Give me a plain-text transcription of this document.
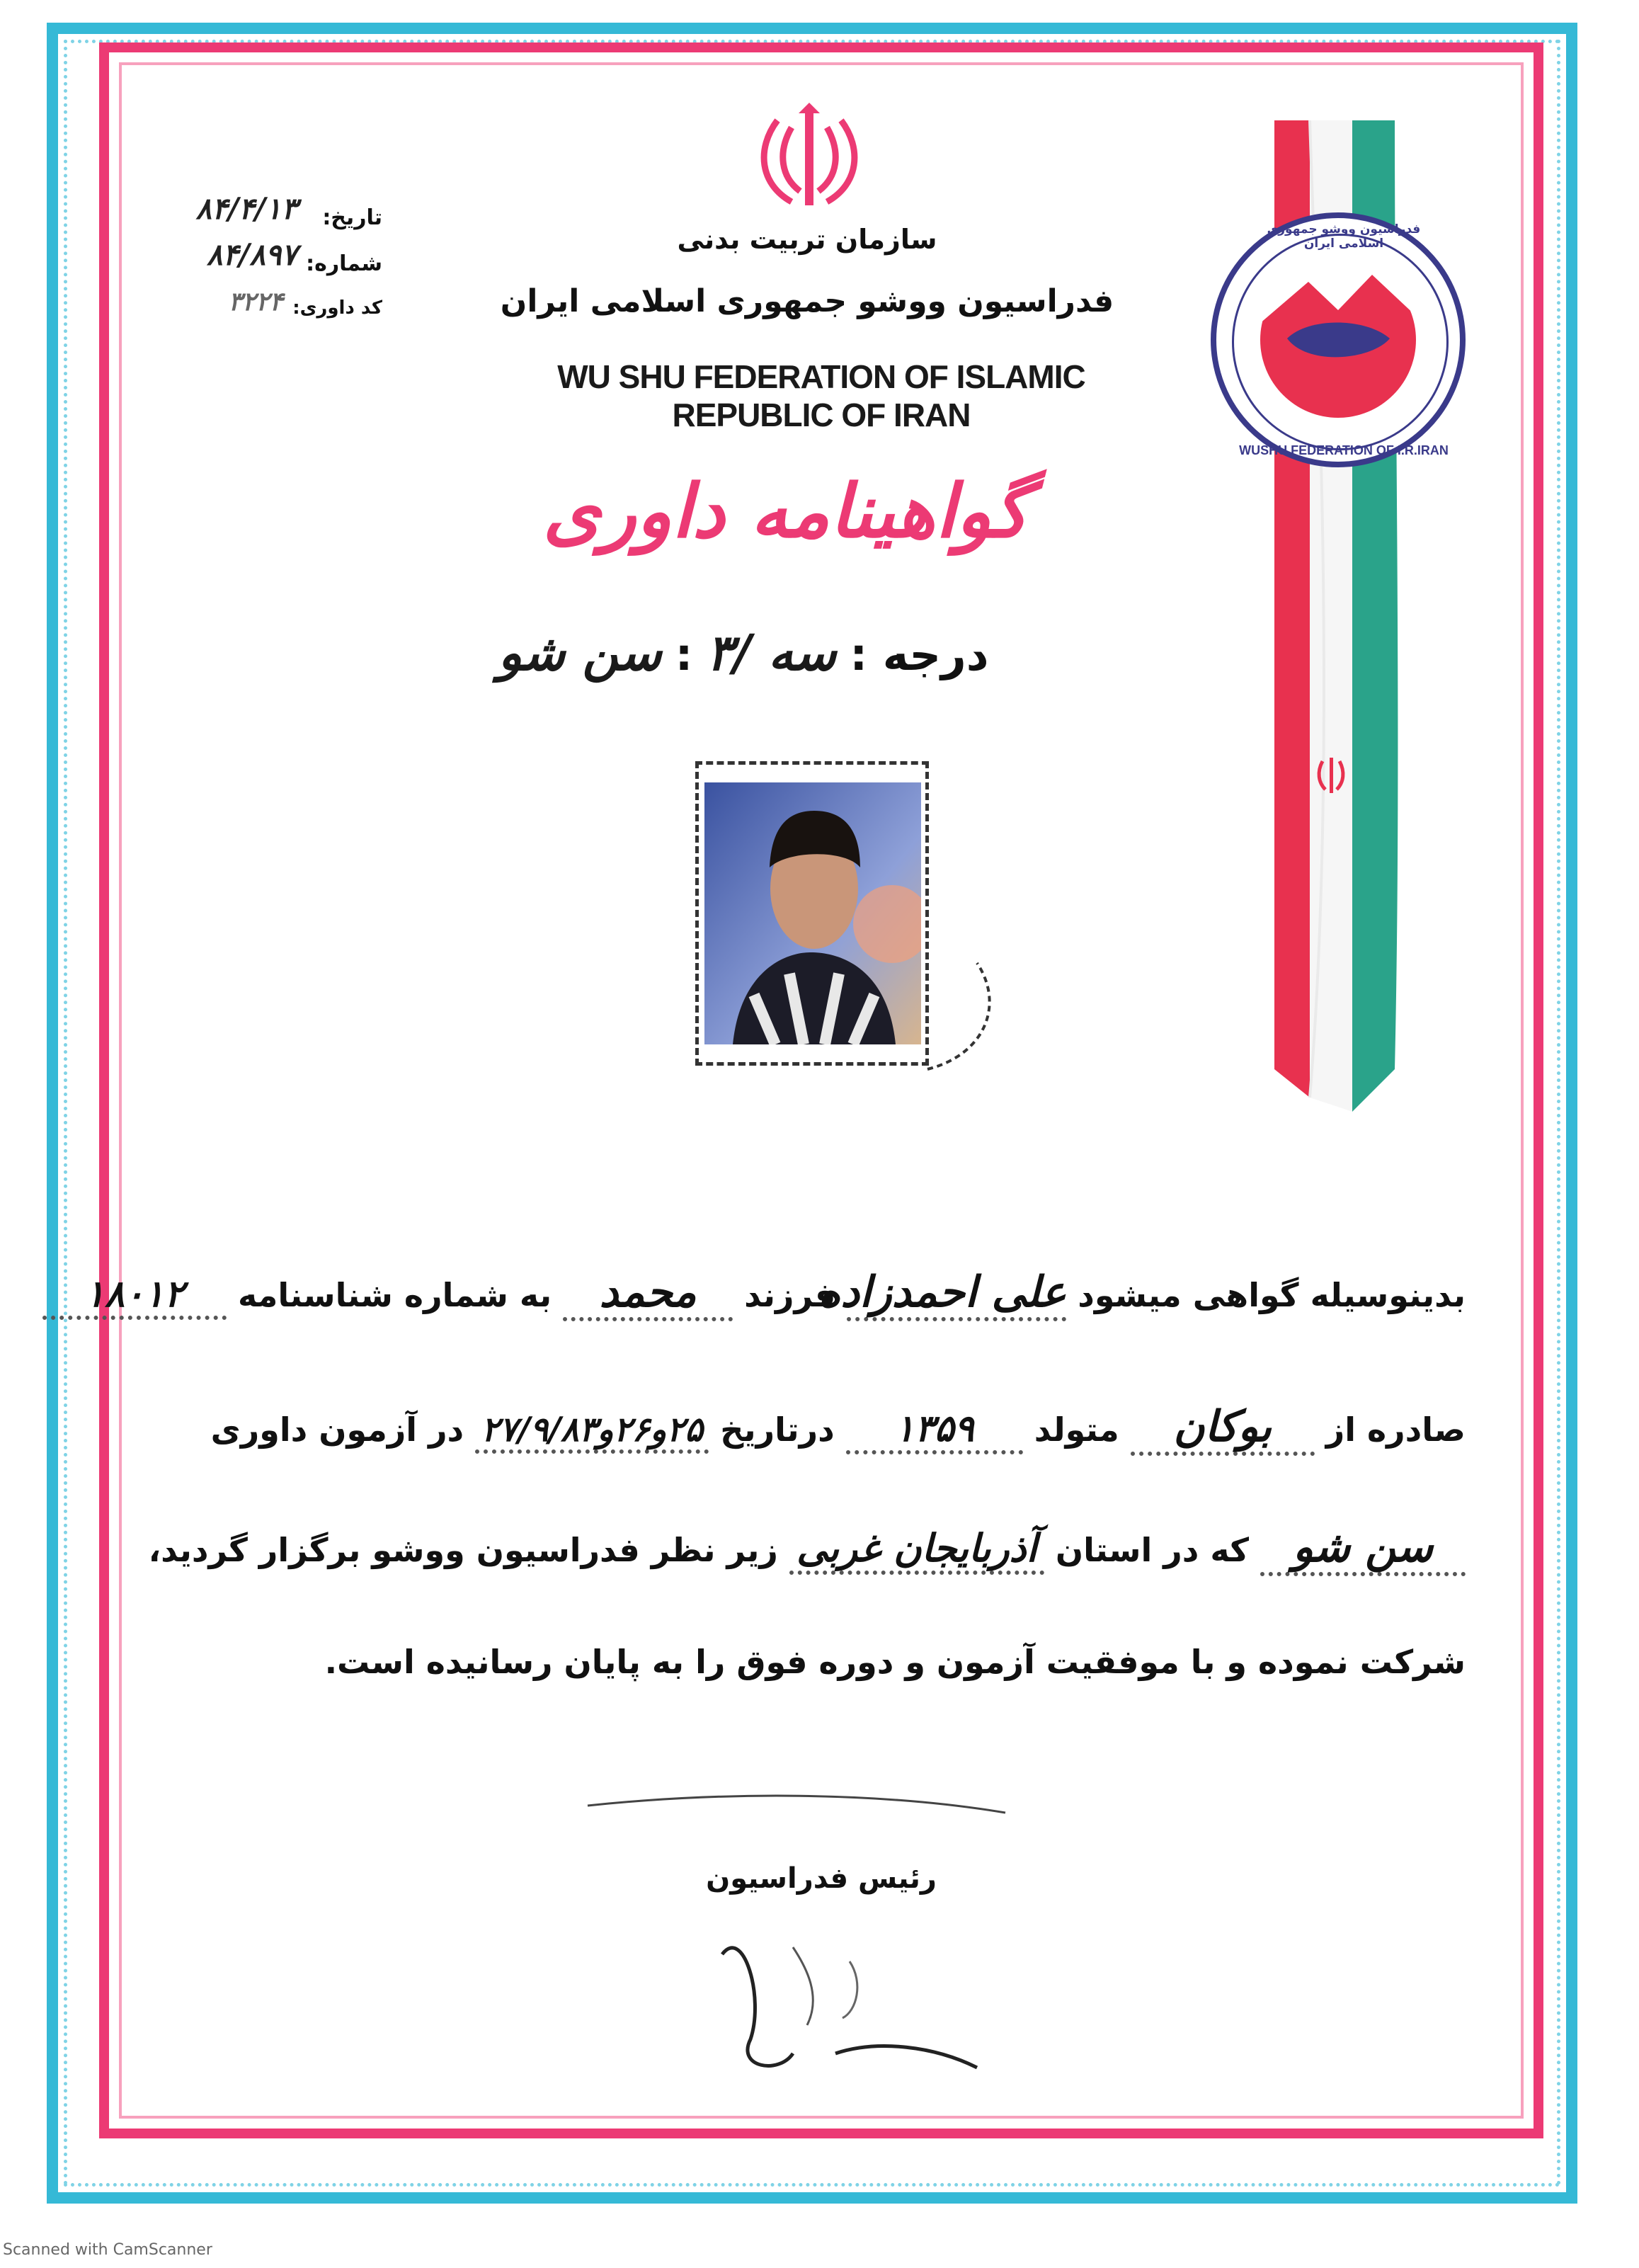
سازمان تربیت بدنی
فدراسیون ووشو جمهوری اسلامی ایران
WU SHU FEDERATION OF ISLAMIC REPUBLIC OF IRAN
تاریخ:
۸۴/۴/۱۳
شماره:
۸۴/۸۹۷
کد داوری:
۳۲۲۴
فدراسیون ووشو جمهوری اسلامی ایران
WUSHU FEDERATION OF I.R.IRAN
گواهینامه داوری
درجه : سه /۳ : سن شو
بدینوسیله گواهی میشود علی احمدزاده فرزند محمد به شماره شناسنامه ۱۸۰۱۲
صادره از بوکان متولد ۱۳۵۹ درتاریخ ۲۵و۲۶و۲۷/۹/۸۳ در آزمون داوری
سن شو که در استان آذربایجان غربی زیر نظر فدراسیون ووشو برگزار گردید،
شرکت نموده و با موفقیت آزمون و دوره فوق را به پایان رسانیده است.
رئیس فدراسیون
Scanned with CamScanner
